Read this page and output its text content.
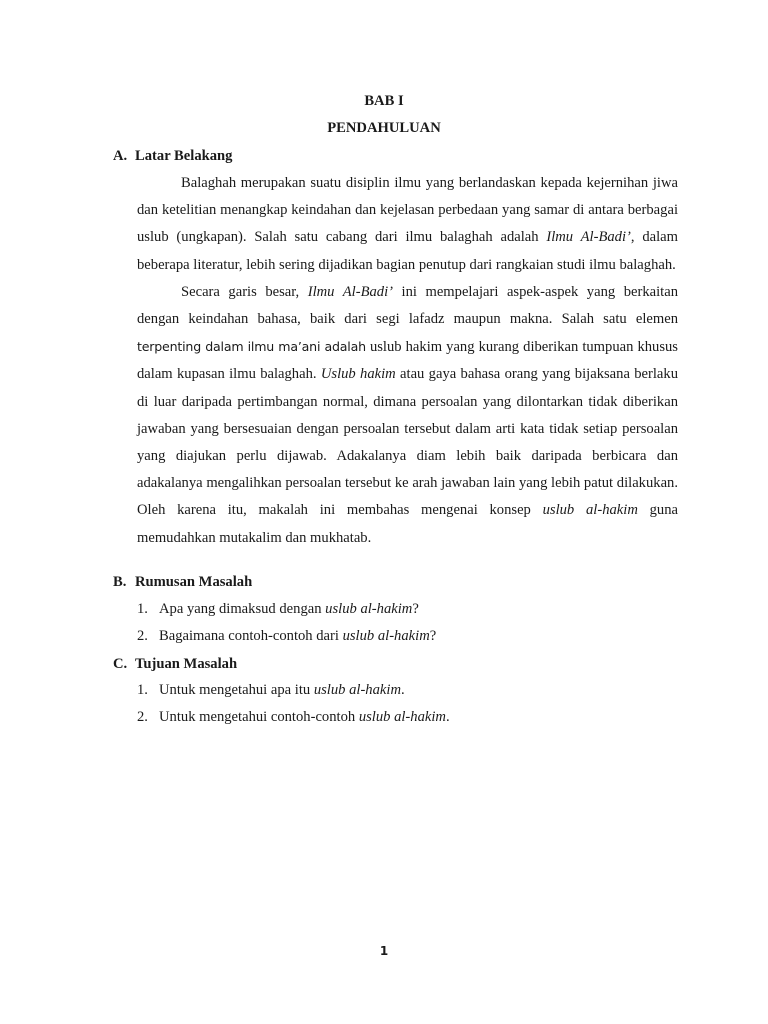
BAB I
PENDAHULUAN
A. Latar Belakang

Balaghah merupakan suatu disiplin ilmu yang berlandaskan kepada kejernihan jiwa dan ketelitian menangkap keindahan dan kejelasan perbedaan yang samar di antara berbagai uslub (ungkapan). Salah satu cabang dari ilmu balaghah adalah Ilmu Al-Badi’, dalam beberapa literatur, lebih sering dijadikan bagian penutup dari rangkaian studi ilmu balaghah.

Secara garis besar, Ilmu Al-Badi’ ini mempelajari aspek-aspek yang berkaitan dengan keindahan bahasa, baik dari segi lafadz maupun makna. Salah satu elemen terpenting dalam ilmu ma’ani adalah uslub hakim yang kurang diberikan tumpuan khusus dalam kupasan ilmu balaghah. Uslub hakim atau gaya bahasa orang yang bijaksana berlaku di luar daripada pertimbangan normal, dimana persoalan yang dilontarkan tidak diberikan jawaban yang bersesuaian dengan persoalan tersebut dalam arti kata tidak setiap persoalan yang diajukan perlu dijawab. Adakalanya diam lebih baik daripada berbicara dan adakalanya mengalihkan persoalan tersebut ke arah jawaban lain yang lebih patut dilakukan. Oleh karena itu, makalah ini membahas mengenai konsep uslub al-hakim guna memudahkan mutakalim dan mukhatab.

B. Rumusan Masalah
1. Apa yang dimaksud dengan uslub al-hakim?
2. Bagaimana contoh-contoh dari uslub al-hakim?
C. Tujuan Masalah
1. Untuk mengetahui apa itu uslub al-hakim.
2. Untuk mengetahui contoh-contoh uslub al-hakim.
1
